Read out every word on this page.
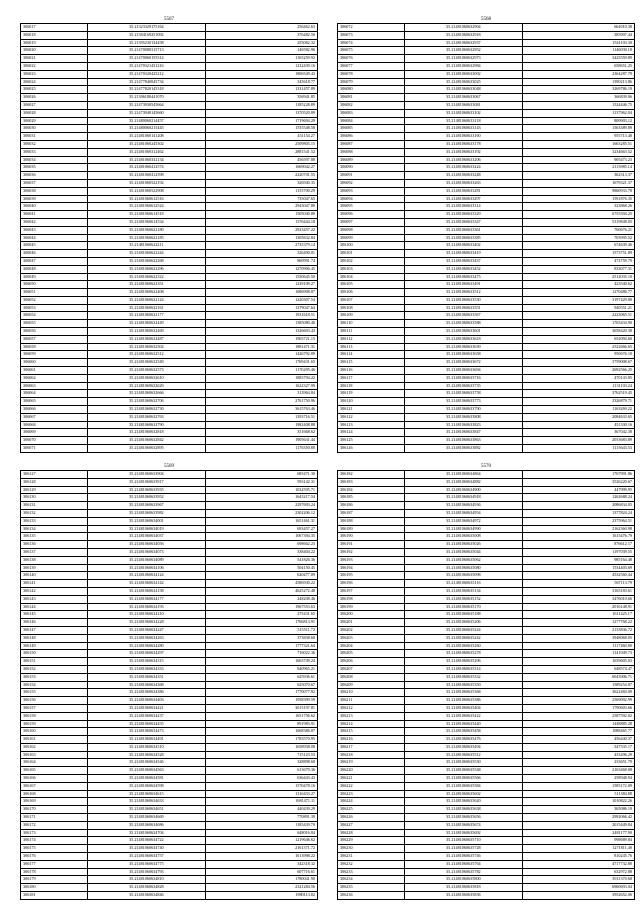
5567
306017	35.21323329175164	256462.63
306018	35.21394169251092	376482.50
306019	35.21395230134458	255062.32
306020	35.21470080315713	146582.96
306021	35.21470060155314	1165259.92
306022	35.21470321431216	1232439.16
306023	35.21470320425212	1806549.43
306024	35.21477840045734	345618.77
306025	35.21477820145318	1331457.89
306026	35.21396180441070	356941.85
306027	35.21473930545664	1185228.89
306028	35.21473940145660	1370520.89
306029	35.21480060214457	1719694.29
306030	35.21480060215445	1555548.58
306031	35.21481060141208	451154.27
306032	35.21481060245302	2509805.15
306033	35.21481060312462	2881541.52
306034	35.21481060332134	456597.88
306035	35.21481060412574	1669042.27
306036	35.21481060412598	2220701.55
306037	35.21481060522192	326940.35
306038	35.21481060522908	1155700.29
306039	35.21481060612516	735047.65
306040	35.21481060612524	2943047.80
306041	35.21481060614518	1505040.80
306042	35.21481060614534	1376444.18
306043	35.21481060622180	2923457.22
306044	35.21481060622185	1305632.84
306045	35.21481060622211	2735379.14
306046	35.21481060622244	326490.01
306047	35.21481060622268	860991.74
306048	35.21481060622296	1270906.45
306049	35.21481060622322	1530645.50
306050	35.21481060622351	1239109.27
306051	35.21481060622408	1086908.87
306052	35.21481060632124	1220307.54
306053	35.21481060632161	1379047.64
306054	35.21481060632177	1931618.51
306055	35.21481060632449	1385080.40
306056	35.21481060632469	1326603.43
306057	35.21481060632487	1965721.15
306058	35.21481060632502	1881471.31
306059	35.21481060632512	1426792.89
306060	35.21481060632549	1769431.65
306061	35.21481060632573	1176295.46
306062	35.21481060632610	1883794.22
306063	35.21481060632629	1622327.99
306064	35.21481060632666	313964.84
306065	35.21481060632706	2761750.96
306066	35.21481060632730	3615763.46
306067	35.21481060632763	1393716.51
306068	35.21481060632790	1982408.88
306069	35.21481060632818	351668.62
306070	35.21481060632842	1905631.44
306071	35.21481060632895	1176350.80
5568
306072	35.21481060632904	664910.38
306073	35.21481060632918	385907.44
306074	35.21481060632937	1541103.30
306075	35.21481060632952	1146030.18
306076	35.21481060632973	3425559.89
306077	35.21481060632984	658651.25
306078	35.21481060633002	2364287.79
306079	35.21481060633025	1390213.86
306080	35.21481060633048	3269786.19
306081	35.21481060633067	366839.06
306082	35.21481060633081	1524446.75
306083	35.21481060633102	1137962.04
306084	35.21481060633118	809903.12
306085	35.21481060633143	1563389.89
306086	35.21481060633160	955713.48
306087	35.21481060633178	1663285.51
306088	35.21481060633192	3234663.52
306089	35.21481060633206	905473.23
306090	35.21481060633224	2113985.14
306091	35.21481060633248	362313.37
306092	35.21481060633263	1679321.37
306093	35.21481060633281	9860933.78
306094	35.21481060633297	1591876.35
306095	35.21481060633314	323868.26
306096	35.21481060633329	6755394.25
306097	35.21481060633347	5319848.05
306098	35.21481060633361	760676.21
306099	35.21481060633385	703995.52
306100	35.21481060633402	674639.46
306101	35.21481060633419	1573751.89
306102	35.21481060633437	472759.79
306103	35.21481060633452	833077.31
306104	35.21481060633475	2512035.10
306105	35.21481060633491	423540.62
306106	35.21481060633512	1270486.77
306107	35.21481060633530	3197429.80
306108	35.21481060633551	940551.21
306109	35.21481060633567	2223065.51
306110	35.21481060633588	1765434.90
306111	35.21481060633601	3658420.38
306112	35.21481060633618	652094.60
306113	35.21481060633639	2522666.65
306114	35.21481060633658	950676.10
306115	35.21481060633672	3759008.67
306116	35.21481060633694	2692566.25
306117	35.21481060633716	470143.85
306118	35.21481060633735	1131103.24
306119	35.21481060633758	3762519.45
306120	35.21481060633773	2326879.71
306121	35.21481060633790	1163269.22
306122	35.21481060633808	2084633.65
306123	35.21481060633823	451330.16
306124	35.21481060633847	367042.38
306125	35.21481060633863	2033683.89
306126	35.21481060633882	1115643.53
5569
306127	35.21481060633904	685471.30
306128	35.21481060633917	593142.31
306129	35.21481060633935	1032595.71
306130	35.21481060633952	1643217.54
306131	35.21481060633967	2297693.24
306132	35.21481060633982	2302206.12
306133	35.21481060634001	1651461.31
306134	35.21481060634019	693457.27
306135	35.21481060634037	1067394.35
306136	35.21481060634056	698662.23
306137	35.21481060634073	338404.22
306138	35.21481060634089	541826.36
306139	35.21481060634106	504150.45
306140	35.21481060634124	620477.09
306141	35.21481060634142	4586930.22
306142	35.21481060634158	4625272.48
306143	35.21481060634177	248208.46
306144	35.21481060634193	1967553.63
306145	35.21481060634210	275431.65
306146	35.21481060634228	1766813.91
306147	35.21481060634247	515511.72
306148	35.21481060634263	373838.60
306149	35.21481060634280	1777321.64
306150	35.21481060634297	716022.36
306151	35.21481060634315	1663749.24
306152	35.21481060634333	840965.21
306153	35.21481060634351	625936.61
306154	35.21481060634368	625070.67
306155	35.21481060634386	1770077.92
306156	35.21481060634403	1958399.59
306157	35.21481060634421	3015197.81
306158	35.21481060634437	1651756.62
306159	35.21481060634455	891983.91
306160	35.21481060634473	1668386.07
306161	35.21481060634491	1783570.95
306162	35.21481060634510	1658938.08
306163	35.21481060634528	715123.53
306164	35.21481060634546	328898.68
306165	35.21481060634563	613679.36
306166	35.21481060634581	636443.43
306167	35.21481060634598	1570478.16
306168	35.21481060634615	1316433.27
306169	35.21481060634633	1681471.11
306170	35.21481060634651	440439.29
306171	35.21481060634669	770891.39
306172	35.21481060634686	1185439.70
306173	35.21481060634704	648016.84
306174	35.21481060634722	1219646.62
306175	35.21481060634740	2161371.72
306176	35.21481060634757	1613998.22
306177	35.21481060634775	342318.32
306178	35.21481060634793	607716.61
306179	35.21481060634810	1780041.90
306180	35.21481060634828	2321284.56
306181	35.21481060634846	1980113.82
5570
306182	35.21481060634864	1767991.86
306183	35.21481060634882	3526220.67
306184	35.21481060634900	447999.95
306185	35.21481060634918	1262688.24
306186	35.21481060634936	2086834.05
306187	35.21481060634954	1377824.24
306188	35.21481060634972	2375964.51
306189	35.21481060634990	2162360.98
306190	35.21481060635008	1615476.79
306191	35.21481060635026	876612.17
306192	35.21481060635044	1197039.55
306193	35.21481060635062	985164.48
306194	35.21481060635080	1534403.69
306195	35.21481060635098	4532560.44
306196	35.21481060635116	567113.79
306197	35.21481060635134	3165183.61
306198	35.21481060635152	3476010.66
306199	35.21481060635170	2016148.91
306200	35.21481060635188	1611425.17
306201	35.21481060635206	1277768.22
306202	35.21481060635224	2133836.72
306203	35.21481060635242	3948068.05
306204	35.21481060635260	1117460.80
306205	35.21481060635278	1141949.73
306206	35.21481060635296	1639605.03
306207	35.21481060635314	648574.47
306208	35.21481060635332	6043906.71
306209	35.21481060635350	1589254.87
306210	35.21481060635368	3622484.09
306211	35.21481060635386	2569092.99
306212	35.21481060635404	1790603.66
306213	35.21481060635422	2587592.02
306214	35.21481060635440	1448885.28
306215	35.21481060635458	1088465.77
306216	35.21481060635476	456440.37
306217	35.21481060635494	347535.17
306218	35.21481060635512	433496.29
306219	35.21481060635530	233651.79
306220	35.21481060635548	2163468.08
306221	35.21481060635566	258948.94
306222	35.21481060635584	1585172.09
306223	35.21481060635602	511384.88
306224	35.21481060635620	1010822.26
306225	35.21481060635638	365086.19
306226	35.21481060635656	2992066.42
306227	35.21481060635674	2015449.84
306228	35.21481060635692	2481177.90
306229	35.21481060635710	998689.84
306230	35.21481060635728	1271811.40
306231	35.21481060635746	810245.76
306232	35.21481060635764	4717732.80
306233	35.21481060635782	632972.88
306234	35.21481060635800	3911370.68
306235	35.21481060635818	6960693.04
306236	35.21481060635836	3952652.06
